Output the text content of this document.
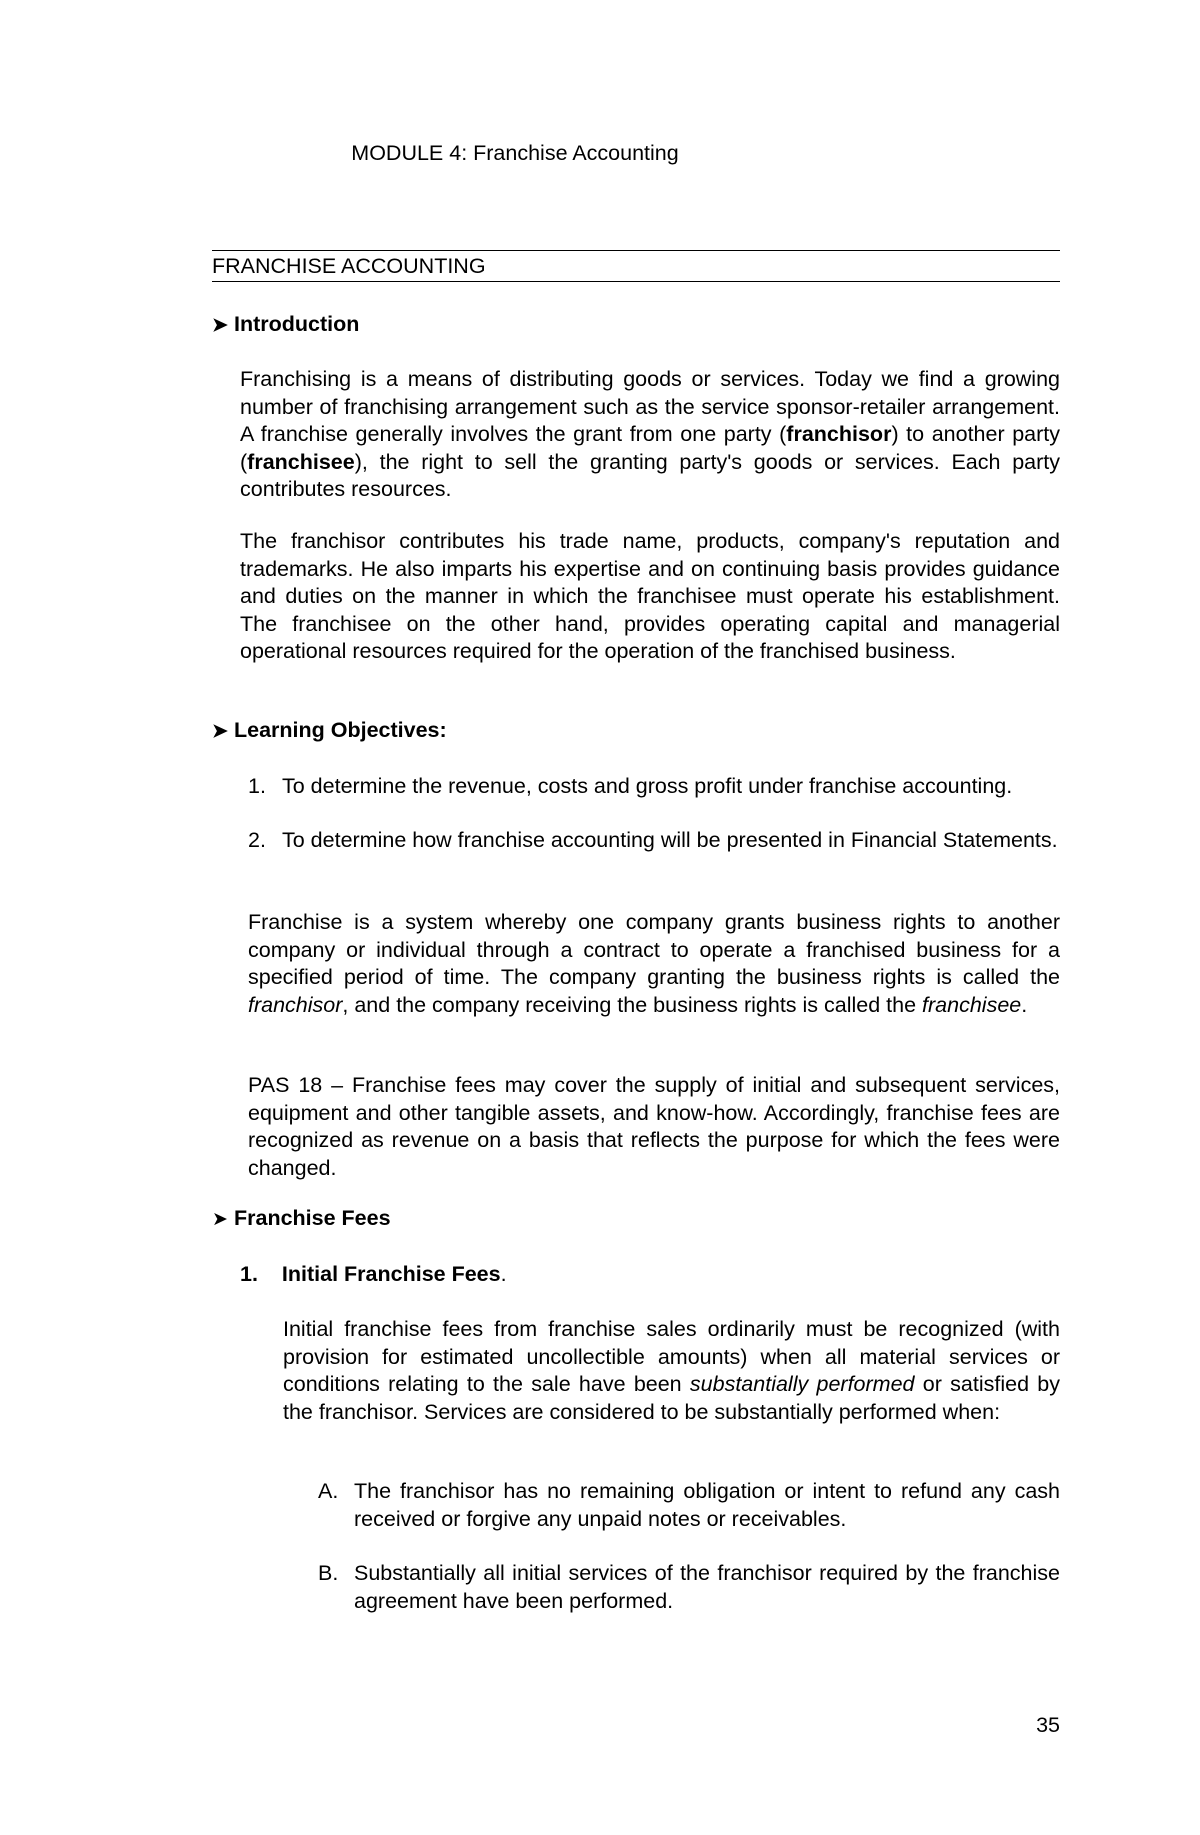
MODULE 4: Franchise Accounting
FRANCHISE ACCOUNTING
➤ Introduction

Franchising is a means of distributing goods or services. Today we find a growing number of franchising arrangement such as the service sponsor-retailer arrangement. A franchise generally involves the grant from one party (franchisor) to another party (franchisee), the right to sell the granting party's goods or services. Each party contributes resources.

The franchisor contributes his trade name, products, company's reputation and trademarks. He also imparts his expertise and on continuing basis provides guidance and duties on the manner in which the franchisee must operate his establishment. The franchisee on the other hand, provides operating capital and managerial operational resources required for the operation of the franchised business.

➤ Learning Objectives:
1. To determine the revenue, costs and gross profit under franchise accounting.
2. To determine how franchise accounting will be presented in Financial Statements.

Franchise is a system whereby one company grants business rights to another company or individual through a contract to operate a franchised business for a specified period of time. The company granting the business rights is called the franchisor, and the company receiving the business rights is called the franchisee.

PAS 18 – Franchise fees may cover the supply of initial and subsequent services, equipment and other tangible assets, and know-how. Accordingly, franchise fees are recognized as revenue on a basis that reflects the purpose for which the fees were changed.

➤ Franchise Fees
1. Initial Franchise Fees.

Initial franchise fees from franchise sales ordinarily must be recognized (with provision for estimated uncollectible amounts) when all material services or conditions relating to the sale have been substantially performed or satisfied by the franchisor. Services are considered to be substantially performed when:

A. The franchisor has no remaining obligation or intent to refund any cash received or forgive any unpaid notes or receivables.
B. Substantially all initial services of the franchisor required by the franchise agreement have been performed.
35
